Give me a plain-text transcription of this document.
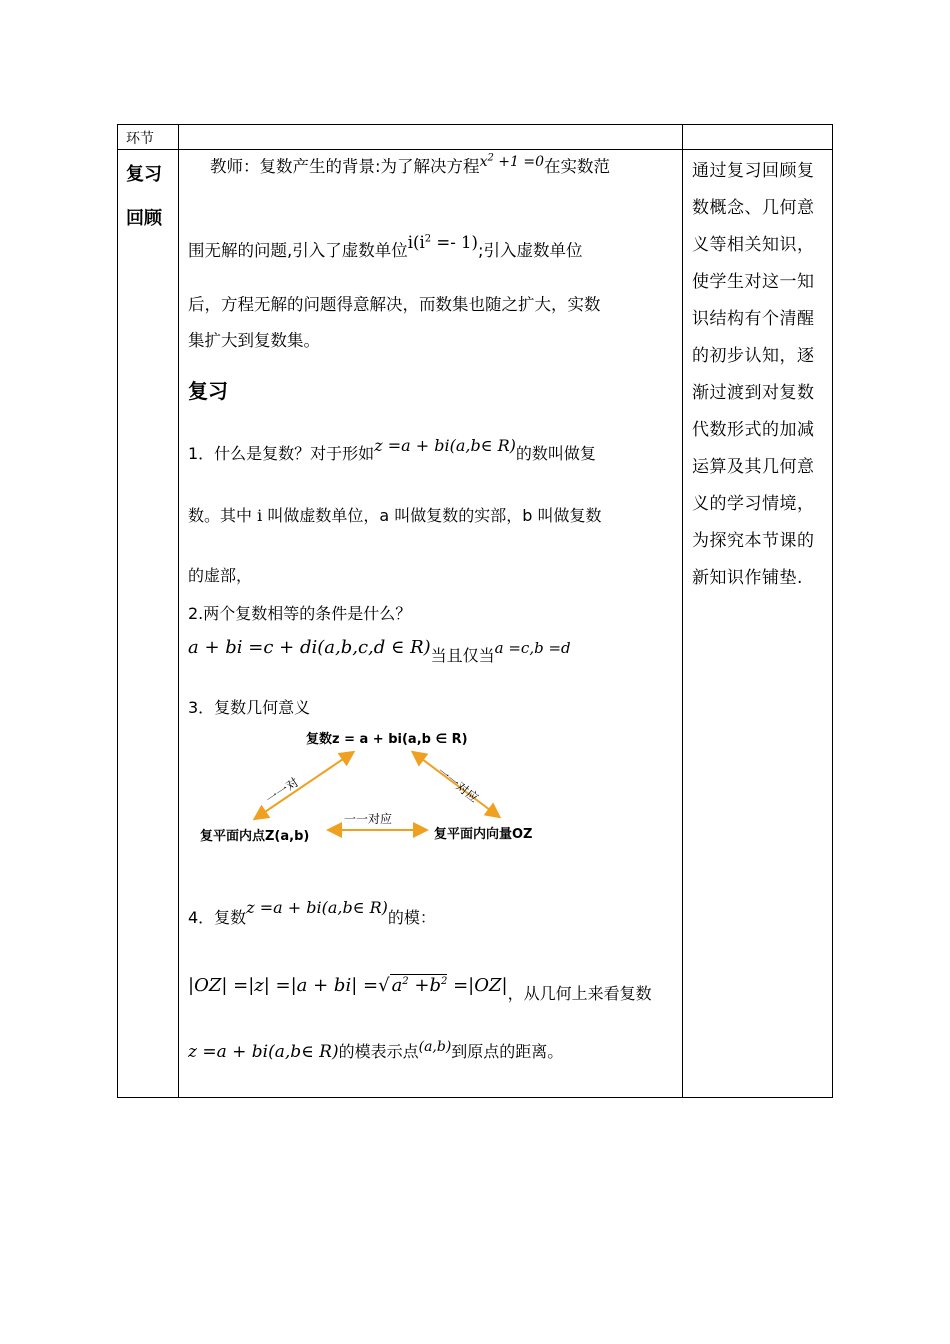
环节
复习
回顾
教师：复数产生的背景:为了解决方程$^{x^2 +1 =0}$在实数范
围无解的问题,引入了虚数单位$i(i^2 =- 1)$;引入虚数单位
后，方程无解的问题得意解决，而数集也随之扩大，实数
集扩大到复数集。
复习
1．什么是复数？对于形如z =a + bi(a,b∈ R)的数叫做复
数。其中 i 叫做虚数单位，a 叫做复数的实部，b 叫做复数
的虚部，
2.两个复数相等的条件是什么？
a + bi =c + di(a,b,c,d ∈ R)当且仅当a =c,b =d
3．复数几何意义
复数z = a + bi(a,b ∈ R)
复平面内点Z(a,b)	复平面内向量OZ
一一对
一一对应
一一对应
4．复数z =a + bi(a,b∈ R)的模：
|OZ| =|z| =|a + bi| =√ $a^2 +b^2 =|OZ|$，从几何上来看复数
z =a + bi(a,b∈ R)的模表示点(a,b)到原点的距离。
通过复习回顾复数概念、几何意义等相关知识，使学生对这一知识结构有个清醒的初步认知，逐渐过渡到对复数代数形式的加减运算及其几何意义的学习情境，为探究本节课的新知识作铺垫.
